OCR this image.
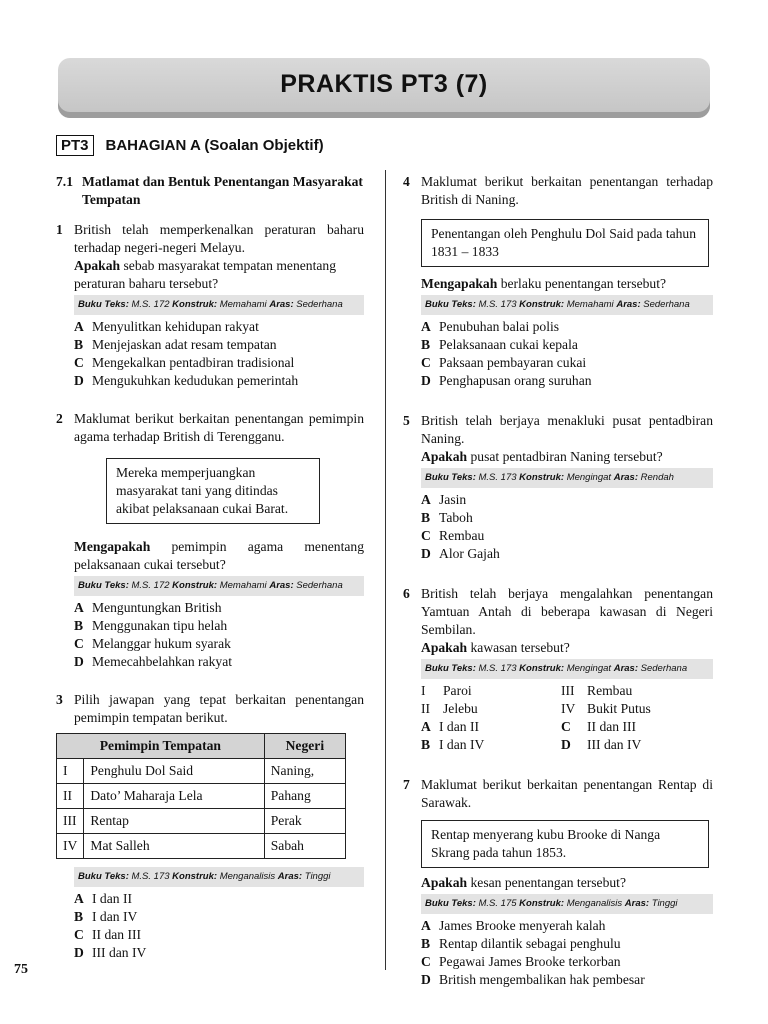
PRAKTIS PT3 (7)
PT3	BAHAGIAN A (Soalan Objektif)
7.1 Matlamat dan Bentuk Penentangan Masyarakat Tempatan
1 British telah memperkenalkan peraturan baharu terhadap negeri-negeri Melayu.
Apakah sebab masyarakat tempatan menentang peraturan baharu tersebut?
Buku Teks: M.S. 172 Konstruk: Memahami Aras: Sederhana
A Menyulitkan kehidupan rakyat
B Menjejaskan adat resam tempatan
C Mengekalkan pentadbiran tradisional
D Mengukuhkan kedudukan pemerintah
2 Maklumat berikut berkaitan penentangan pemimpin agama terhadap British di Terengganu.
Mereka memperjuangkan masyarakat tani yang ditindas akibat pelaksanaan cukai Barat.
Mengapakah pemimpin agama menentang pelaksanaan cukai tersebut?
Buku Teks: M.S. 172 Konstruk: Memahami Aras: Sederhana
A Menguntungkan British
B Menggunakan tipu helah
C Melanggar hukum syarak
D Memecahbelahkan rakyat
3 Pilih jawapan yang tepat berkaitan penentangan pemimpin tempatan berikut.
Pemimpin Tempatan		Negeri
I	Penghulu Dol Said	Naning,
II	Dato’ Maharaja Lela	Pahang
III	Rentap	Perak
IV	Mat Salleh	Sabah
Buku Teks: M.S. 173 Konstruk: Menganalisis Aras: Tinggi
A I dan II
B I dan IV
C II dan III
D III dan IV
4 Maklumat berikut berkaitan penentangan terhadap British di Naning.
Penentangan oleh Penghulu Dol Said pada tahun 1831 – 1833
Mengapakah berlaku penentangan tersebut?
Buku Teks: M.S. 173 Konstruk: Memahami Aras: Sederhana
A Penubuhan balai polis
B Pelaksanaan cukai kepala
C Paksaan pembayaran cukai
D Penghapusan orang suruhan
5 British telah berjaya menakluki pusat pentadbiran Naning.
Apakah pusat pentadbiran Naning tersebut?
Buku Teks: M.S. 173 Konstruk: Mengingat Aras: Rendah
A Jasin
B Taboh
C Rembau
D Alor Gajah
6 British telah berjaya mengalahkan penentangan Yamtuan Antah di beberapa kawasan di Negeri Sembilan.
Apakah kawasan tersebut?
Buku Teks: M.S. 173 Konstruk: Mengingat Aras: Sederhana
I	Paroi	III Rembau
II Jelebu	IV Bukit Putus
A I dan II	C	II dan III
B I dan IV	D	III dan IV
7 Maklumat berikut berkaitan penentangan Rentap di Sarawak.
Rentap menyerang kubu Brooke di Nanga Skrang pada tahun 1853.
Apakah kesan penentangan tersebut?
Buku Teks: M.S. 175 Konstruk: Menganalisis Aras: Tinggi
A James Brooke menyerah kalah
B Rentap dilantik sebagai penghulu
C Pegawai James Brooke terkorban
D British mengembalikan hak pembesar
75
